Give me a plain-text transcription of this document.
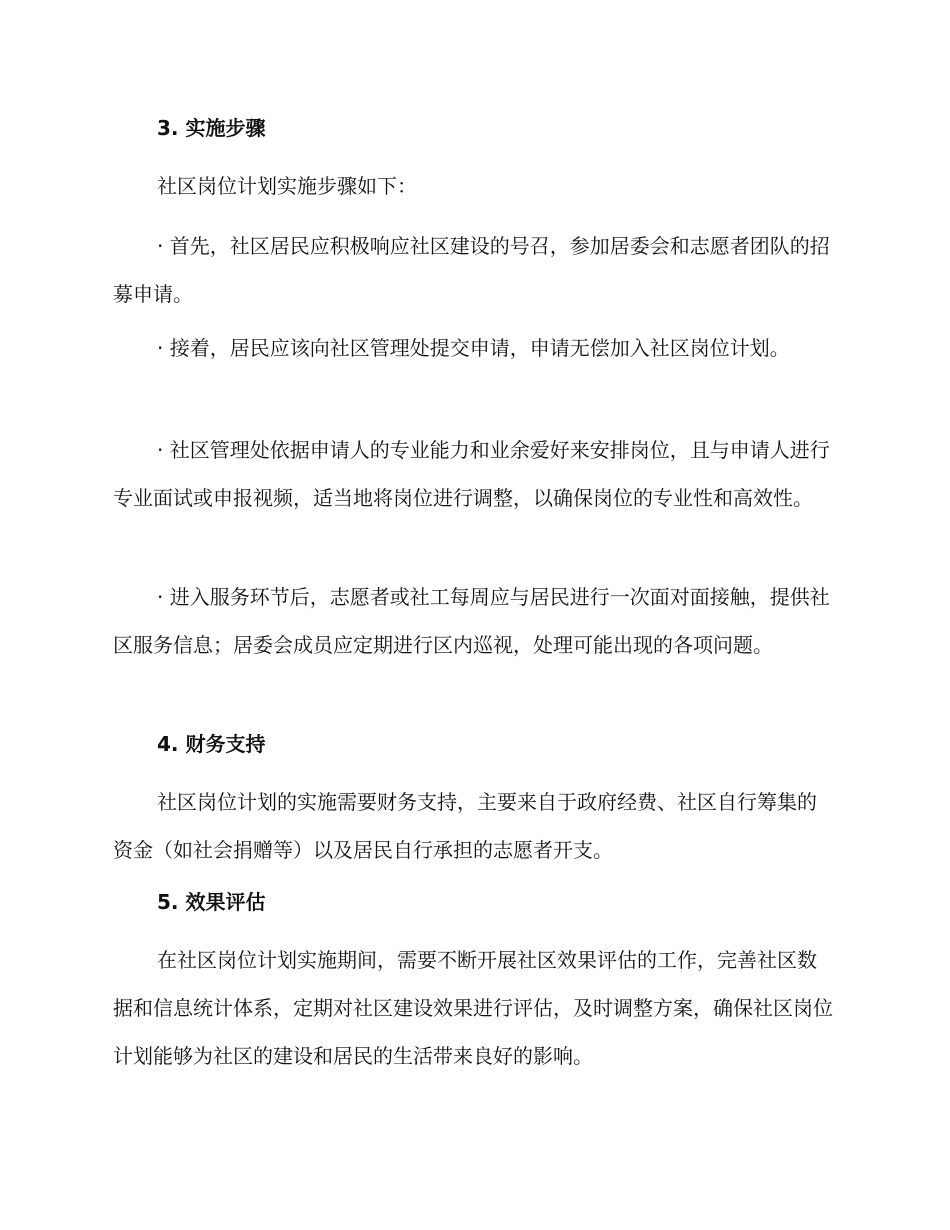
3. 实施步骤

社区岗位计划实施步骤如下：

· 首先，社区居民应积极响应社区建设的号召，参加居委会和志愿者团队的招募申请。

· 接着，居民应该向社区管理处提交申请，申请无偿加入社区岗位计划。

· 社区管理处依据申请人的专业能力和业余爱好来安排岗位，且与申请人进行专业面试或申报视频，适当地将岗位进行调整，以确保岗位的专业性和高效性。

· 进入服务环节后，志愿者或社工每周应与居民进行一次面对面接触，提供社区服务信息；居委会成员应定期进行区内巡视，处理可能出现的各项问题。

4. 财务支持

社区岗位计划的实施需要财务支持，主要来自于政府经费、社区自行筹集的资金（如社会捐赠等）以及居民自行承担的志愿者开支。

5. 效果评估

在社区岗位计划实施期间，需要不断开展社区效果评估的工作，完善社区数据和信息统计体系，定期对社区建设效果进行评估，及时调整方案，确保社区岗位计划能够为社区的建设和居民的生活带来良好的影响。
